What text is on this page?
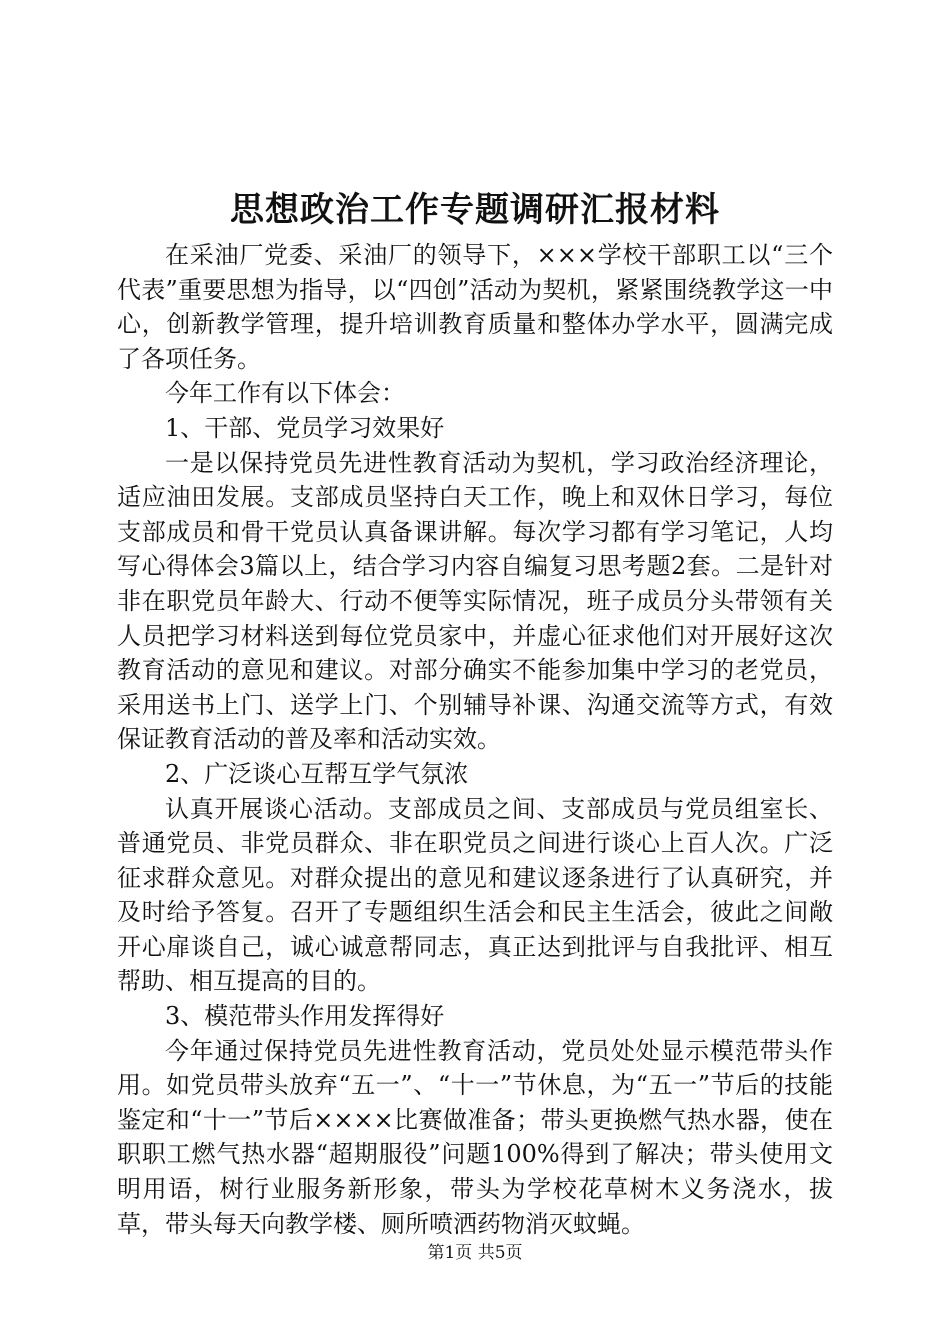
思想政治工作专题调研汇报材料

在采油厂党委、采油厂的领导下，×××学校干部职工以“三个代表”重要思想为指导，以“四创”活动为契机，紧紧围绕教学这一中心，创新教学管理，提升培训教育质量和整体办学水平，圆满完成了各项任务。

今年工作有以下体会：

1、干部、党员学习效果好

一是以保持党员先进性教育活动为契机，学习政治经济理论，适应油田发展。支部成员坚持白天工作，晚上和双休日学习，每位支部成员和骨干党员认真备课讲解。每次学习都有学习笔记，人均写心得体会3篇以上，结合学习内容自编复习思考题2套。二是针对非在职党员年龄大、行动不便等实际情况，班子成员分头带领有关人员把学习材料送到每位党员家中，并虚心征求他们对开展好这次教育活动的意见和建议。对部分确实不能参加集中学习的老党员，采用送书上门、送学上门、个别辅导补课、沟通交流等方式，有效保证教育活动的普及率和活动实效。

2、广泛谈心互帮互学气氛浓

认真开展谈心活动。支部成员之间、支部成员与党员组室长、普通党员、非党员群众、非在职党员之间进行谈心上百人次。广泛征求群众意见。对群众提出的意见和建议逐条进行了认真研究，并及时给予答复。召开了专题组织生活会和民主生活会，彼此之间敞开心扉谈自己，诚心诚意帮同志，真正达到批评与自我批评、相互帮助、相互提高的目的。

3、模范带头作用发挥得好

今年通过保持党员先进性教育活动，党员处处显示模范带头作用。如党员带头放弃“五一”、“十一”节休息，为“五一”节后的技能鉴定和“十一”节后××××比赛做准备；带头更换燃气热水器，使在职职工燃气热水器“超期服役”问题100%得到了解决；带头使用文明用语，树行业服务新形象，带头为学校花草树木义务浇水，拔草，带头每天向教学楼、厕所喷洒药物消灭蚊蝇。

第1页 共5页
